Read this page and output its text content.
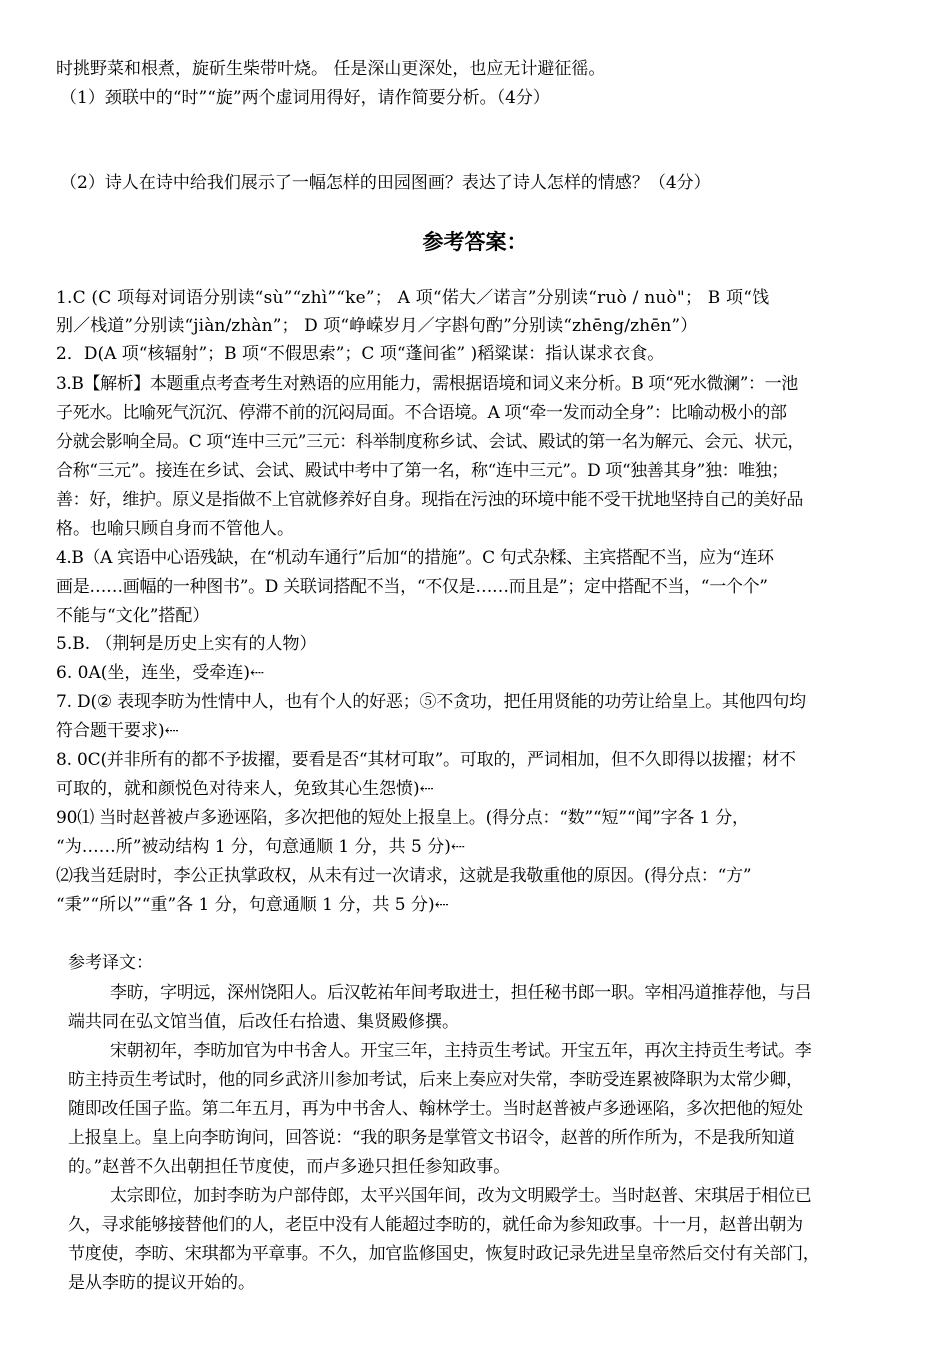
时挑野菜和根煮，旋斫生柴带叶烧。 任是深山更深处，也应无计避征徭。
（1）颈联中的“时”“旋”两个虚词用得好，请作简要分析。（4分）
（2）诗人在诗中给我们展示了一幅怎样的田园图画？表达了诗人怎样的情感？（4分）
参考答案：
1.C (C 项每对词语分别读“sù”“zhì”“ke”； A 项“偌大／诺言”分别读“ruò / nuò"； B 项“饯
别／栈道”分别读“jiàn/zhàn”； D 项“峥嵘岁月／字斟句酌”分别读“zhēng/zhēn”）
2．D(A 项“核辐射”；B 项“不假思索”；C 项“蓬间雀” )稻粱谋：指认谋求衣食。
3.B【解析】本题重点考查考生对熟语的应用能力，需根据语境和词义来分析。B 项“死水微澜”：一池
子死水。比喻死气沉沉、停滞不前的沉闷局面。不合语境。A 项“牵一发而动全身”：比喻动极小的部
分就会影响全局。C 项“连中三元”三元：科举制度称乡试、会试、殿试的第一名为解元、会元、状元，
合称“三元”。接连在乡试、会试、殿试中考中了第一名，称“连中三元”。D 项“独善其身”独：唯独；
善：好，维护。原义是指做不上官就修养好自身。现指在污浊的环境中能不受干扰地坚持自己的美好品
格。也喻只顾自身而不管他人。
4.B（A 宾语中心语残缺，在“机动车通行”后加“的措施”。C 句式杂糅、主宾搭配不当，应为“连环
画是……画幅的一种图书”。D 关联词搭配不当，“不仅是……而且是”；定中搭配不当，“一个个”
不能与“文化”搭配）
5.B. （荆轲是历史上实有的人物）
6. 0A(坐，连坐，受牵连)⇠
7. D(② 表现李昉为性情中人，也有个人的好恶；⑤不贪功，把任用贤能的功劳让给皇上。其他四句均
符合题干要求)⇠
8. 0C(并非所有的都不予拔擢，要看是否“其材可取”。可取的，严词相加，但不久即得以拔擢；材不
可取的，就和颜悦色对待来人，免致其心生怨愤)⇠
90⑴ 当时赵普被卢多逊诬陷，多次把他的短处上报皇上。(得分点：“数”“短”“闻”字各 1 分，
“为……所”被动结构 1 分，句意通顺 1 分，共 5 分)⇠
⑵我当廷尉时，李公正执掌政权，从未有过一次请求，这就是我敬重他的原因。(得分点：“方”
“秉”“所以”“重”各 1 分，句意通顺 1 分，共 5 分)⇠
参考译文：
李昉，字明远，深州饶阳人。后汉乾祐年间考取进士，担任秘书郎一职。宰相冯道推荐他，与吕
端共同在弘文馆当值，后改任右拾遗、集贤殿修撰。
宋朝初年，李昉加官为中书舍人。开宝三年，主持贡生考试。开宝五年，再次主持贡生考试。李
昉主持贡生考试时，他的同乡武济川参加考试，后来上奏应对失常，李昉受连累被降职为太常少卿，
随即改任国子监。第二年五月，再为中书舍人、翰林学士。当时赵普被卢多逊诬陷，多次把他的短处
上报皇上。皇上向李昉询问，回答说：“我的职务是掌管文书诏令，赵普的所作所为，不是我所知道
的。”赵普不久出朝担任节度使，而卢多逊只担任参知政事。
太宗即位，加封李昉为户部侍郎，太平兴国年间，改为文明殿学士。当时赵普、宋琪居于相位已
久，寻求能够接替他们的人，老臣中没有人能超过李昉的，就任命为参知政事。十一月，赵普出朝为
节度使，李昉、宋琪都为平章事。不久，加官监修国史，恢复时政记录先进呈皇帝然后交付有关部门，
是从李昉的提议开始的。
